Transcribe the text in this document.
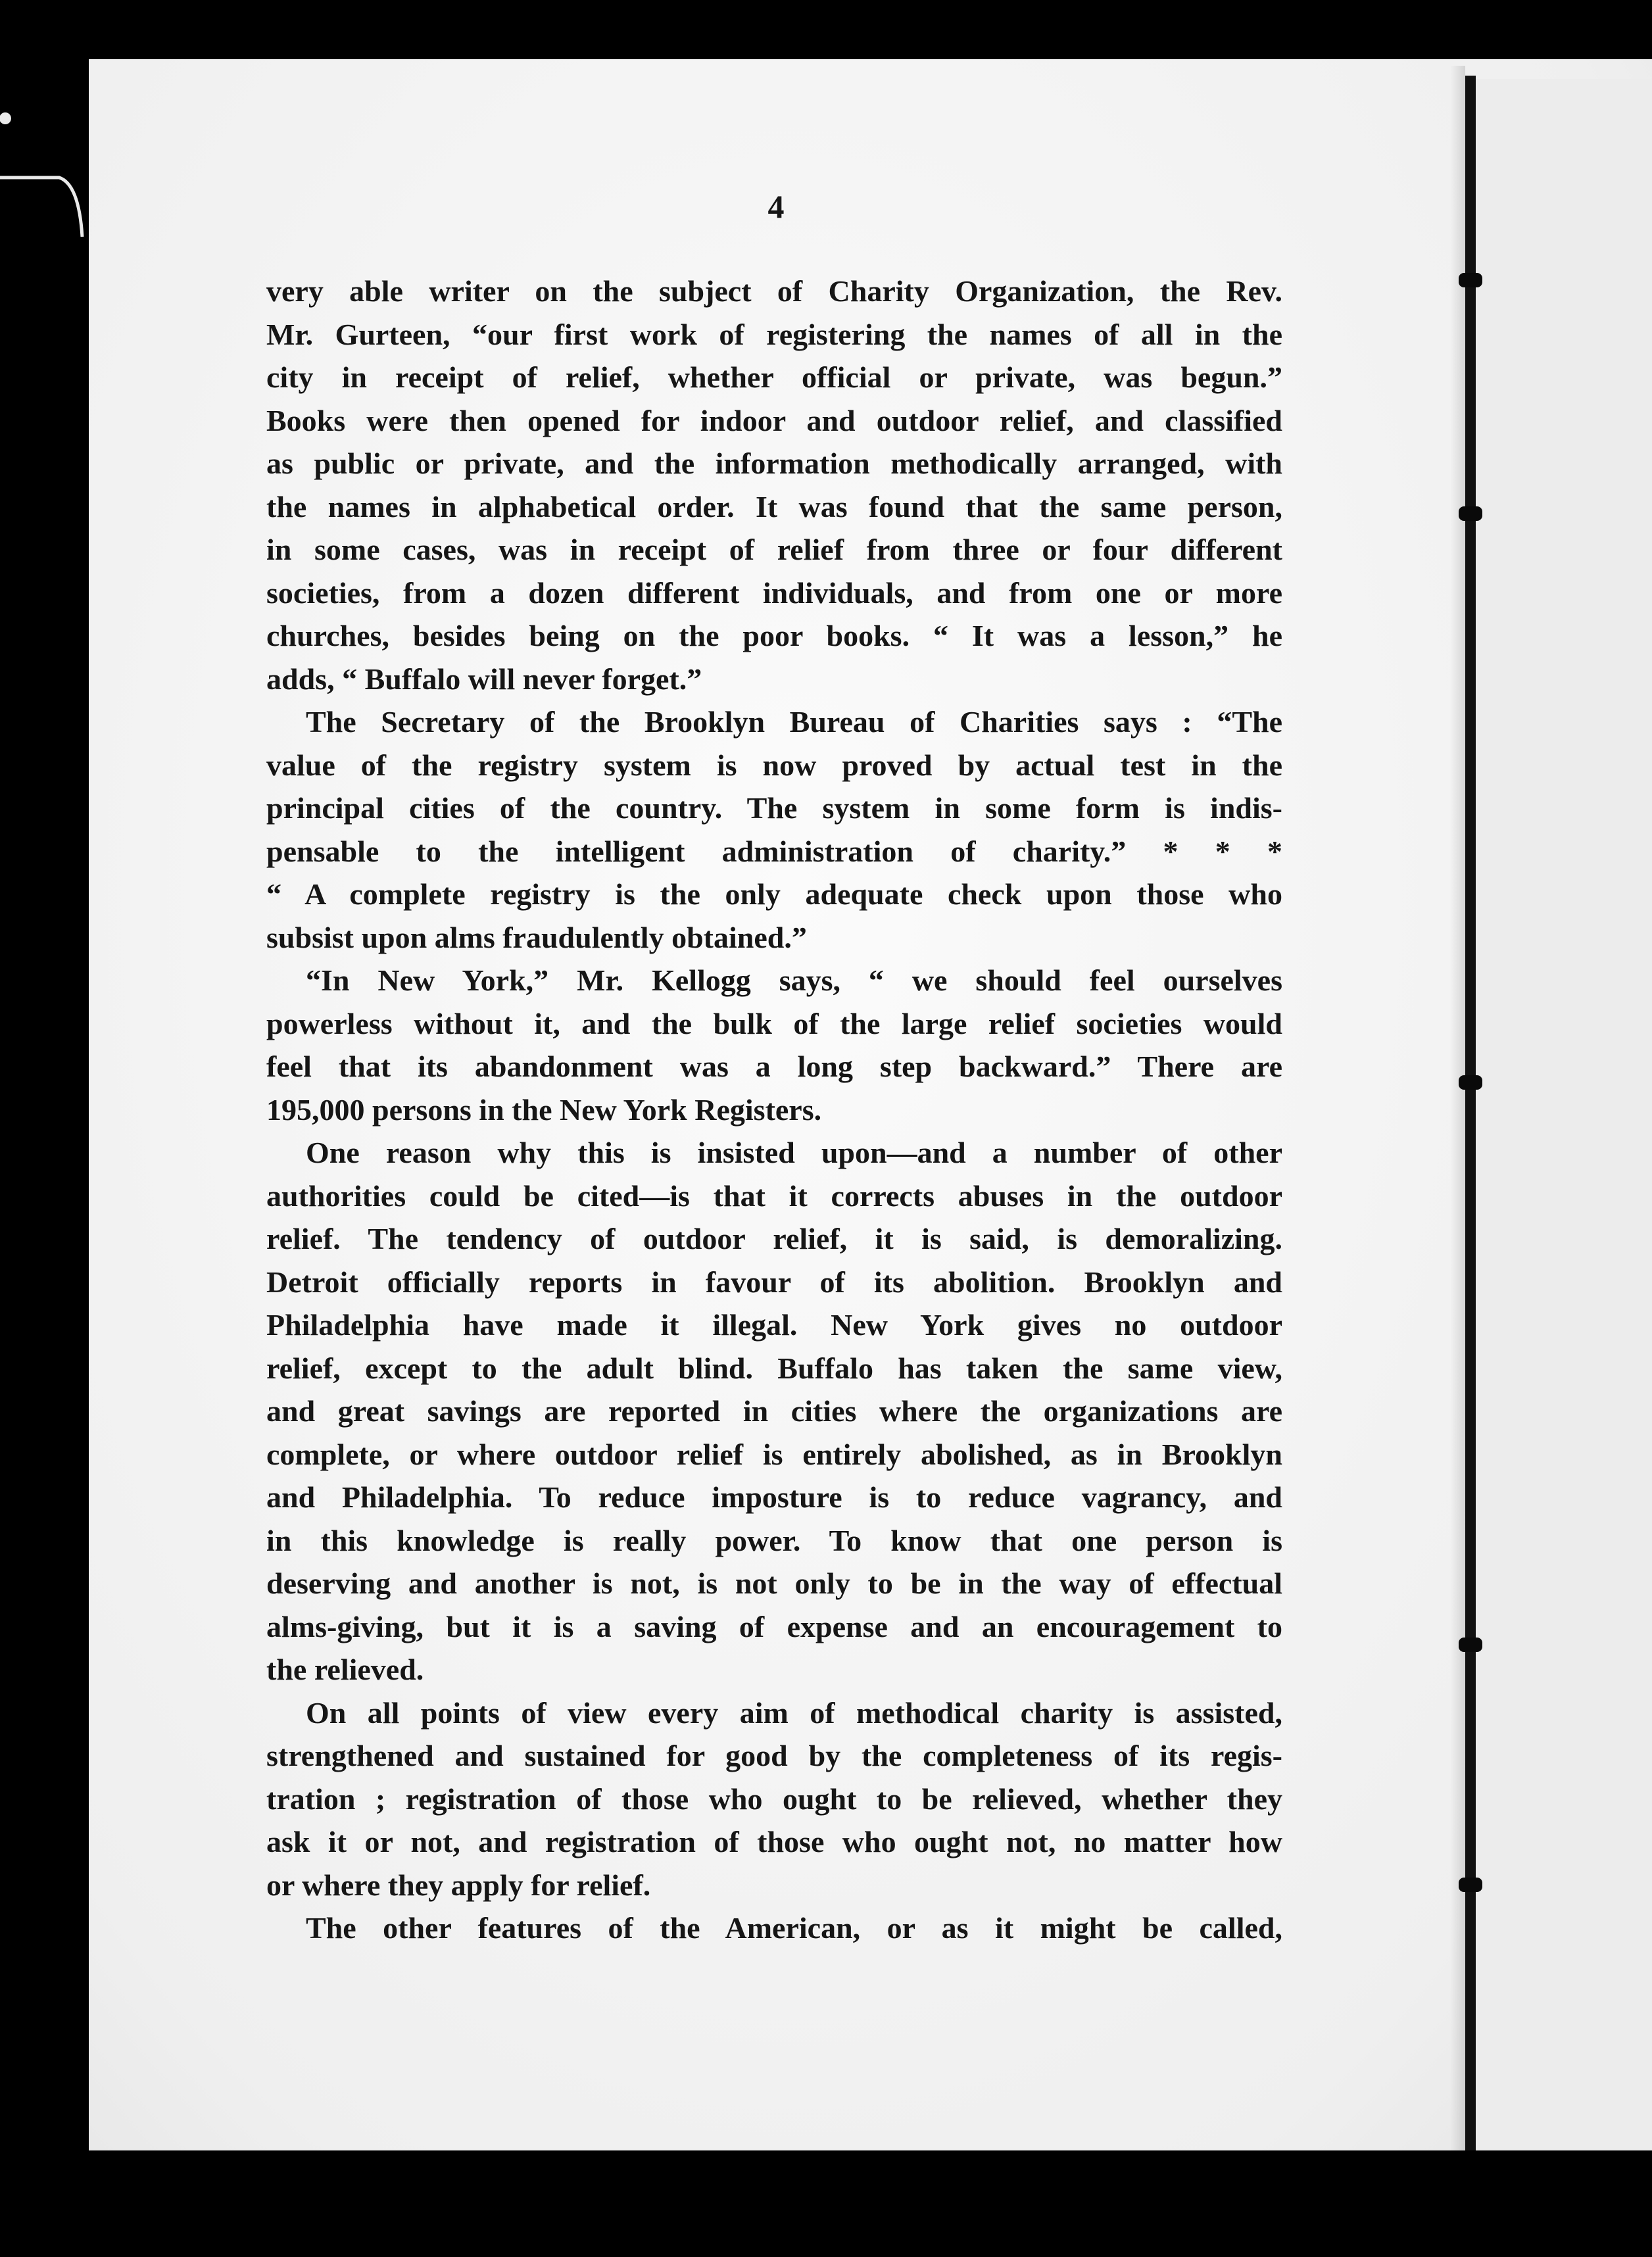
4
very able writer on the subject of Charity Organization, the Rev.
Mr. Gurteen, “our first work of registering the names of all in the
city in receipt of relief, whether official or private, was begun.”
Books were then opened for indoor and outdoor relief, and classified
as public or private, and the information methodically arranged, with
the names in alphabetical order. It was found that the same person,
in some cases, was in receipt of relief from three or four different
societies, from a dozen different individuals, and from one or more
churches, besides being on the poor books. “ It was a lesson,” he
adds, “ Buffalo will never forget.”
The Secretary of the Brooklyn Bureau of Charities says : “The
value of the registry system is now proved by actual test in the
principal cities of the country. The system in some form is indis-
pensable to the intelligent administration of charity.” * * *
“ A complete registry is the only adequate check upon those who
subsist upon alms fraudulently obtained.”
“In New York,” Mr. Kellogg says, “ we should feel ourselves
powerless without it, and the bulk of the large relief societies would
feel that its abandonment was a long step backward.” There are
195,000 persons in the New York Registers.
One reason why this is insisted upon—and a number of other
authorities could be cited—is that it corrects abuses in the outdoor
relief. The tendency of outdoor relief, it is said, is demoralizing.
Detroit officially reports in favour of its abolition. Brooklyn and
Philadelphia have made it illegal. New York gives no outdoor
relief, except to the adult blind. Buffalo has taken the same view,
and great savings are reported in cities where the organizations are
complete, or where outdoor relief is entirely abolished, as in Brooklyn
and Philadelphia. To reduce imposture is to reduce vagrancy, and
in this knowledge is really power. To know that one person is
deserving and another is not, is not only to be in the way of effectual
alms-giving, but it is a saving of expense and an encouragement to
the relieved.
On all points of view every aim of methodical charity is assisted,
strengthened and sustained for good by the completeness of its regis-
tration ; registration of those who ought to be relieved, whether they
ask it or not, and registration of those who ought not, no matter how
or where they apply for relief.
The other features of the American, or as it might be called,
